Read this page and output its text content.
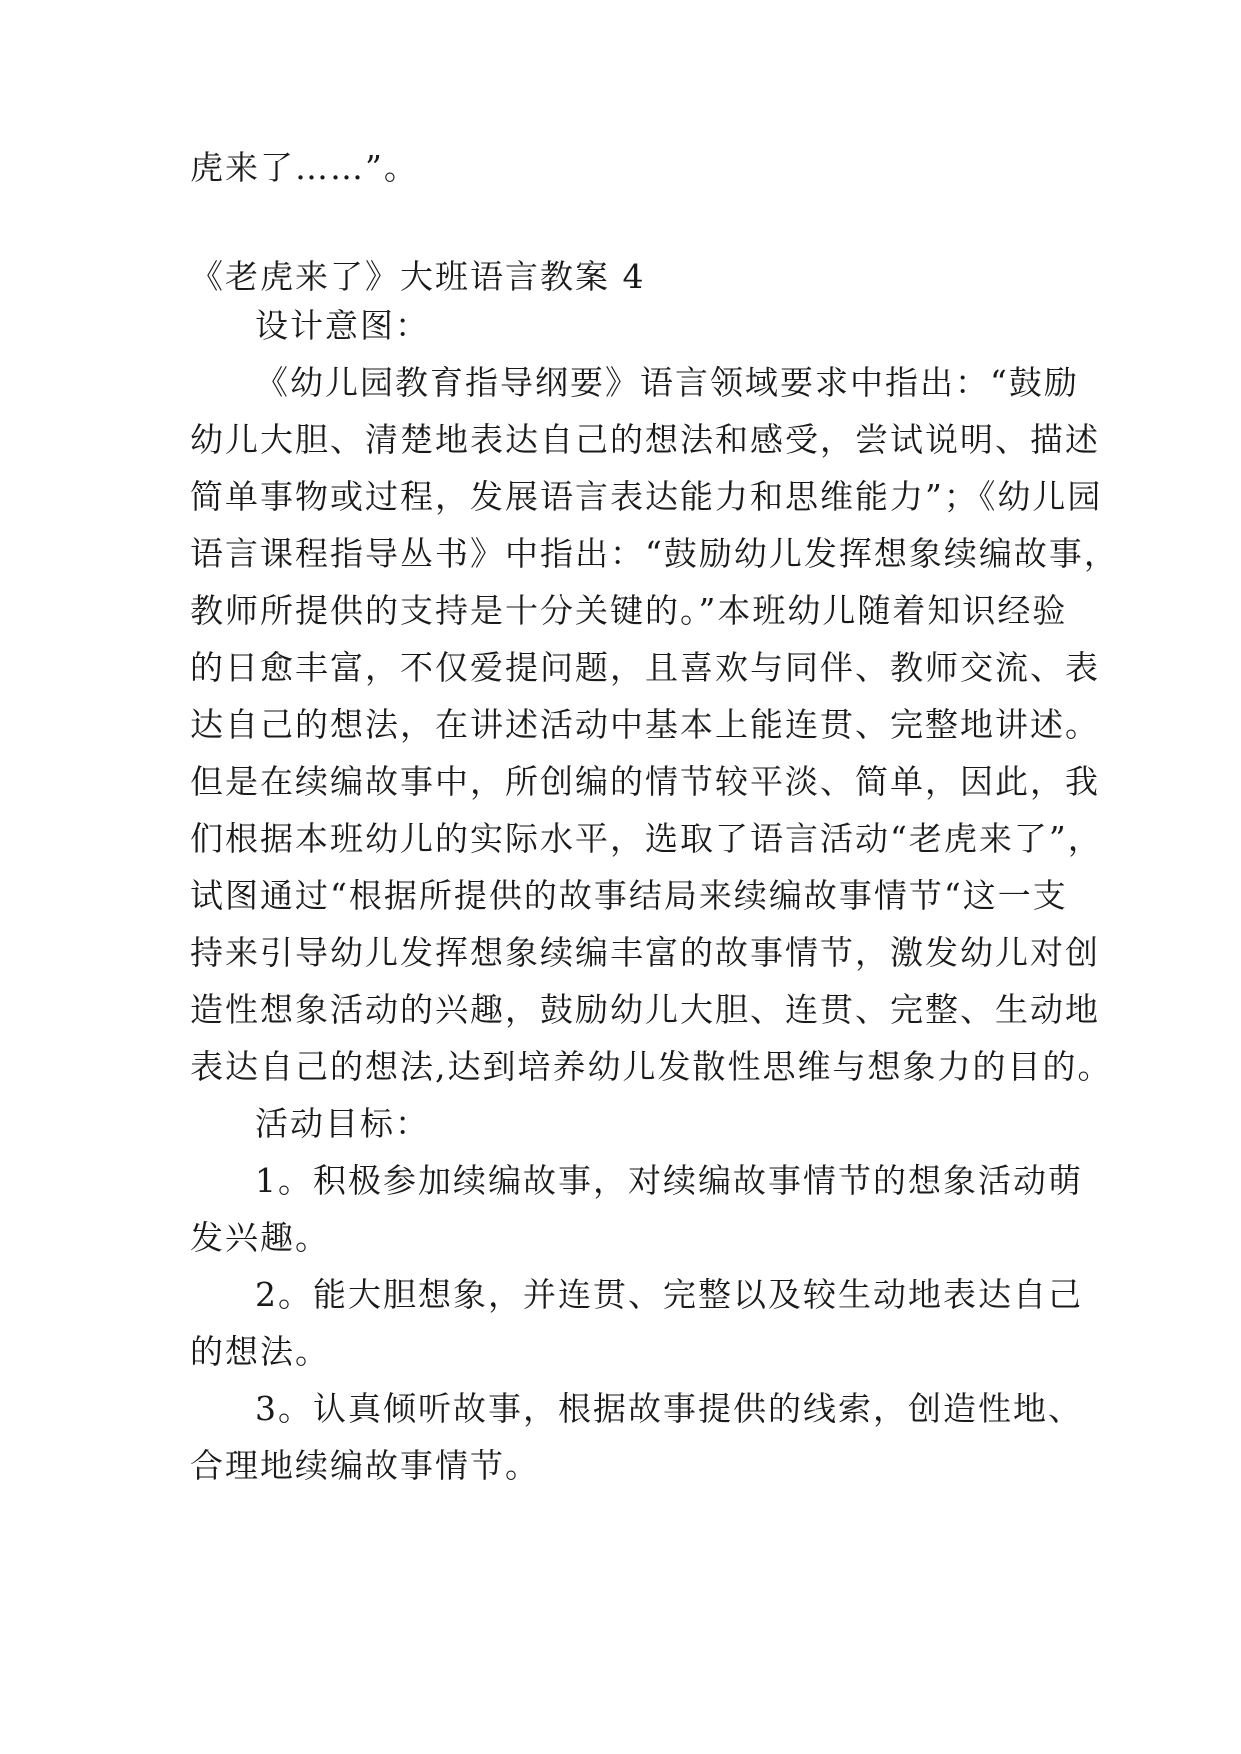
虎来了……”。
《老虎来了》大班语言教案 4
设计意图：
《幼儿园教育指导纲要》语言领域要求中指出：“鼓励
幼儿大胆、清楚地表达自己的想法和感受，尝试说明、描述
简单事物或过程，发展语言表达能力和思维能力”；《幼儿园
语言课程指导丛书》中指出：“鼓励幼儿发挥想象续编故事，
教师所提供的支持是十分关键的。”本班幼儿随着知识经验
的日愈丰富，不仅爱提问题，且喜欢与同伴、教师交流、表
达自己的想法，在讲述活动中基本上能连贯、完整地讲述。
但是在续编故事中，所创编的情节较平淡、简单，因此，我
们根据本班幼儿的实际水平，选取了语言活动“老虎来了”，
试图通过“根据所提供的故事结局来续编故事情节“这一支
持来引导幼儿发挥想象续编丰富的故事情节，激发幼儿对创
造性想象活动的兴趣，鼓励幼儿大胆、连贯、完整、生动地
表达自己的想法,达到培养幼儿发散性思维与想象力的目的。
活动目标：
1。积极参加续编故事，对续编故事情节的想象活动萌
发兴趣。
2。能大胆想象，并连贯、完整以及较生动地表达自己
的想法。
3。认真倾听故事，根据故事提供的线索，创造性地、
合理地续编故事情节。
